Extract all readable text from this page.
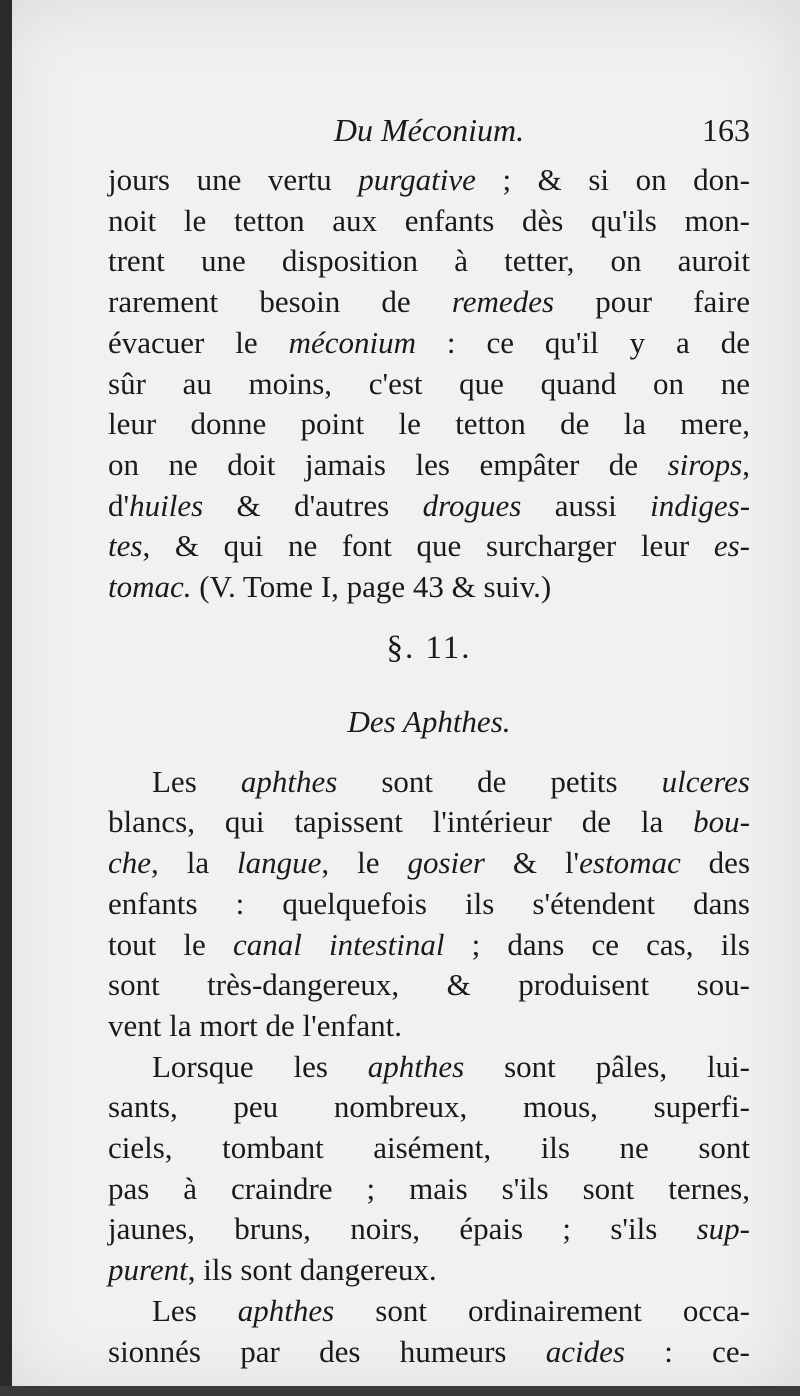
Du Méconium.	163
jours une vertu purgative ; & si on don-
noit le tetton aux enfants dès qu'ils mon-
trent une disposition à tetter, on auroit
rarement besoin de remedes pour faire
évacuer le méconium : ce qu'il y a de
sûr au moins, c'est que quand on ne
leur donne point le tetton de la mere,
on ne doit jamais les empâter de sirops,
d'huiles & d'autres drogues aussi indiges-
tes, & qui ne font que surcharger leur es-
tomac. (V. Tome I, page 43 & suiv.)
§. 11.
Des Aphthes.
Les aphthes sont de petits ulceres
blancs, qui tapissent l'intérieur de la bou-
che, la langue, le gosier & l'estomac des
enfants : quelquefois ils s'étendent dans
tout le canal intestinal ; dans ce cas, ils
sont très-dangereux, & produisent sou-
vent la mort de l'enfant.
Lorsque les aphthes sont pâles, lui-
sants, peu nombreux, mous, superfi-
ciels, tombant aisément, ils ne sont
pas à craindre ; mais s'ils sont ternes,
jaunes, bruns, noirs, épais ; s'ils sup-
purent, ils sont dangereux.
Les aphthes sont ordinairement occa-
sionnés par des humeurs acides : ce-
